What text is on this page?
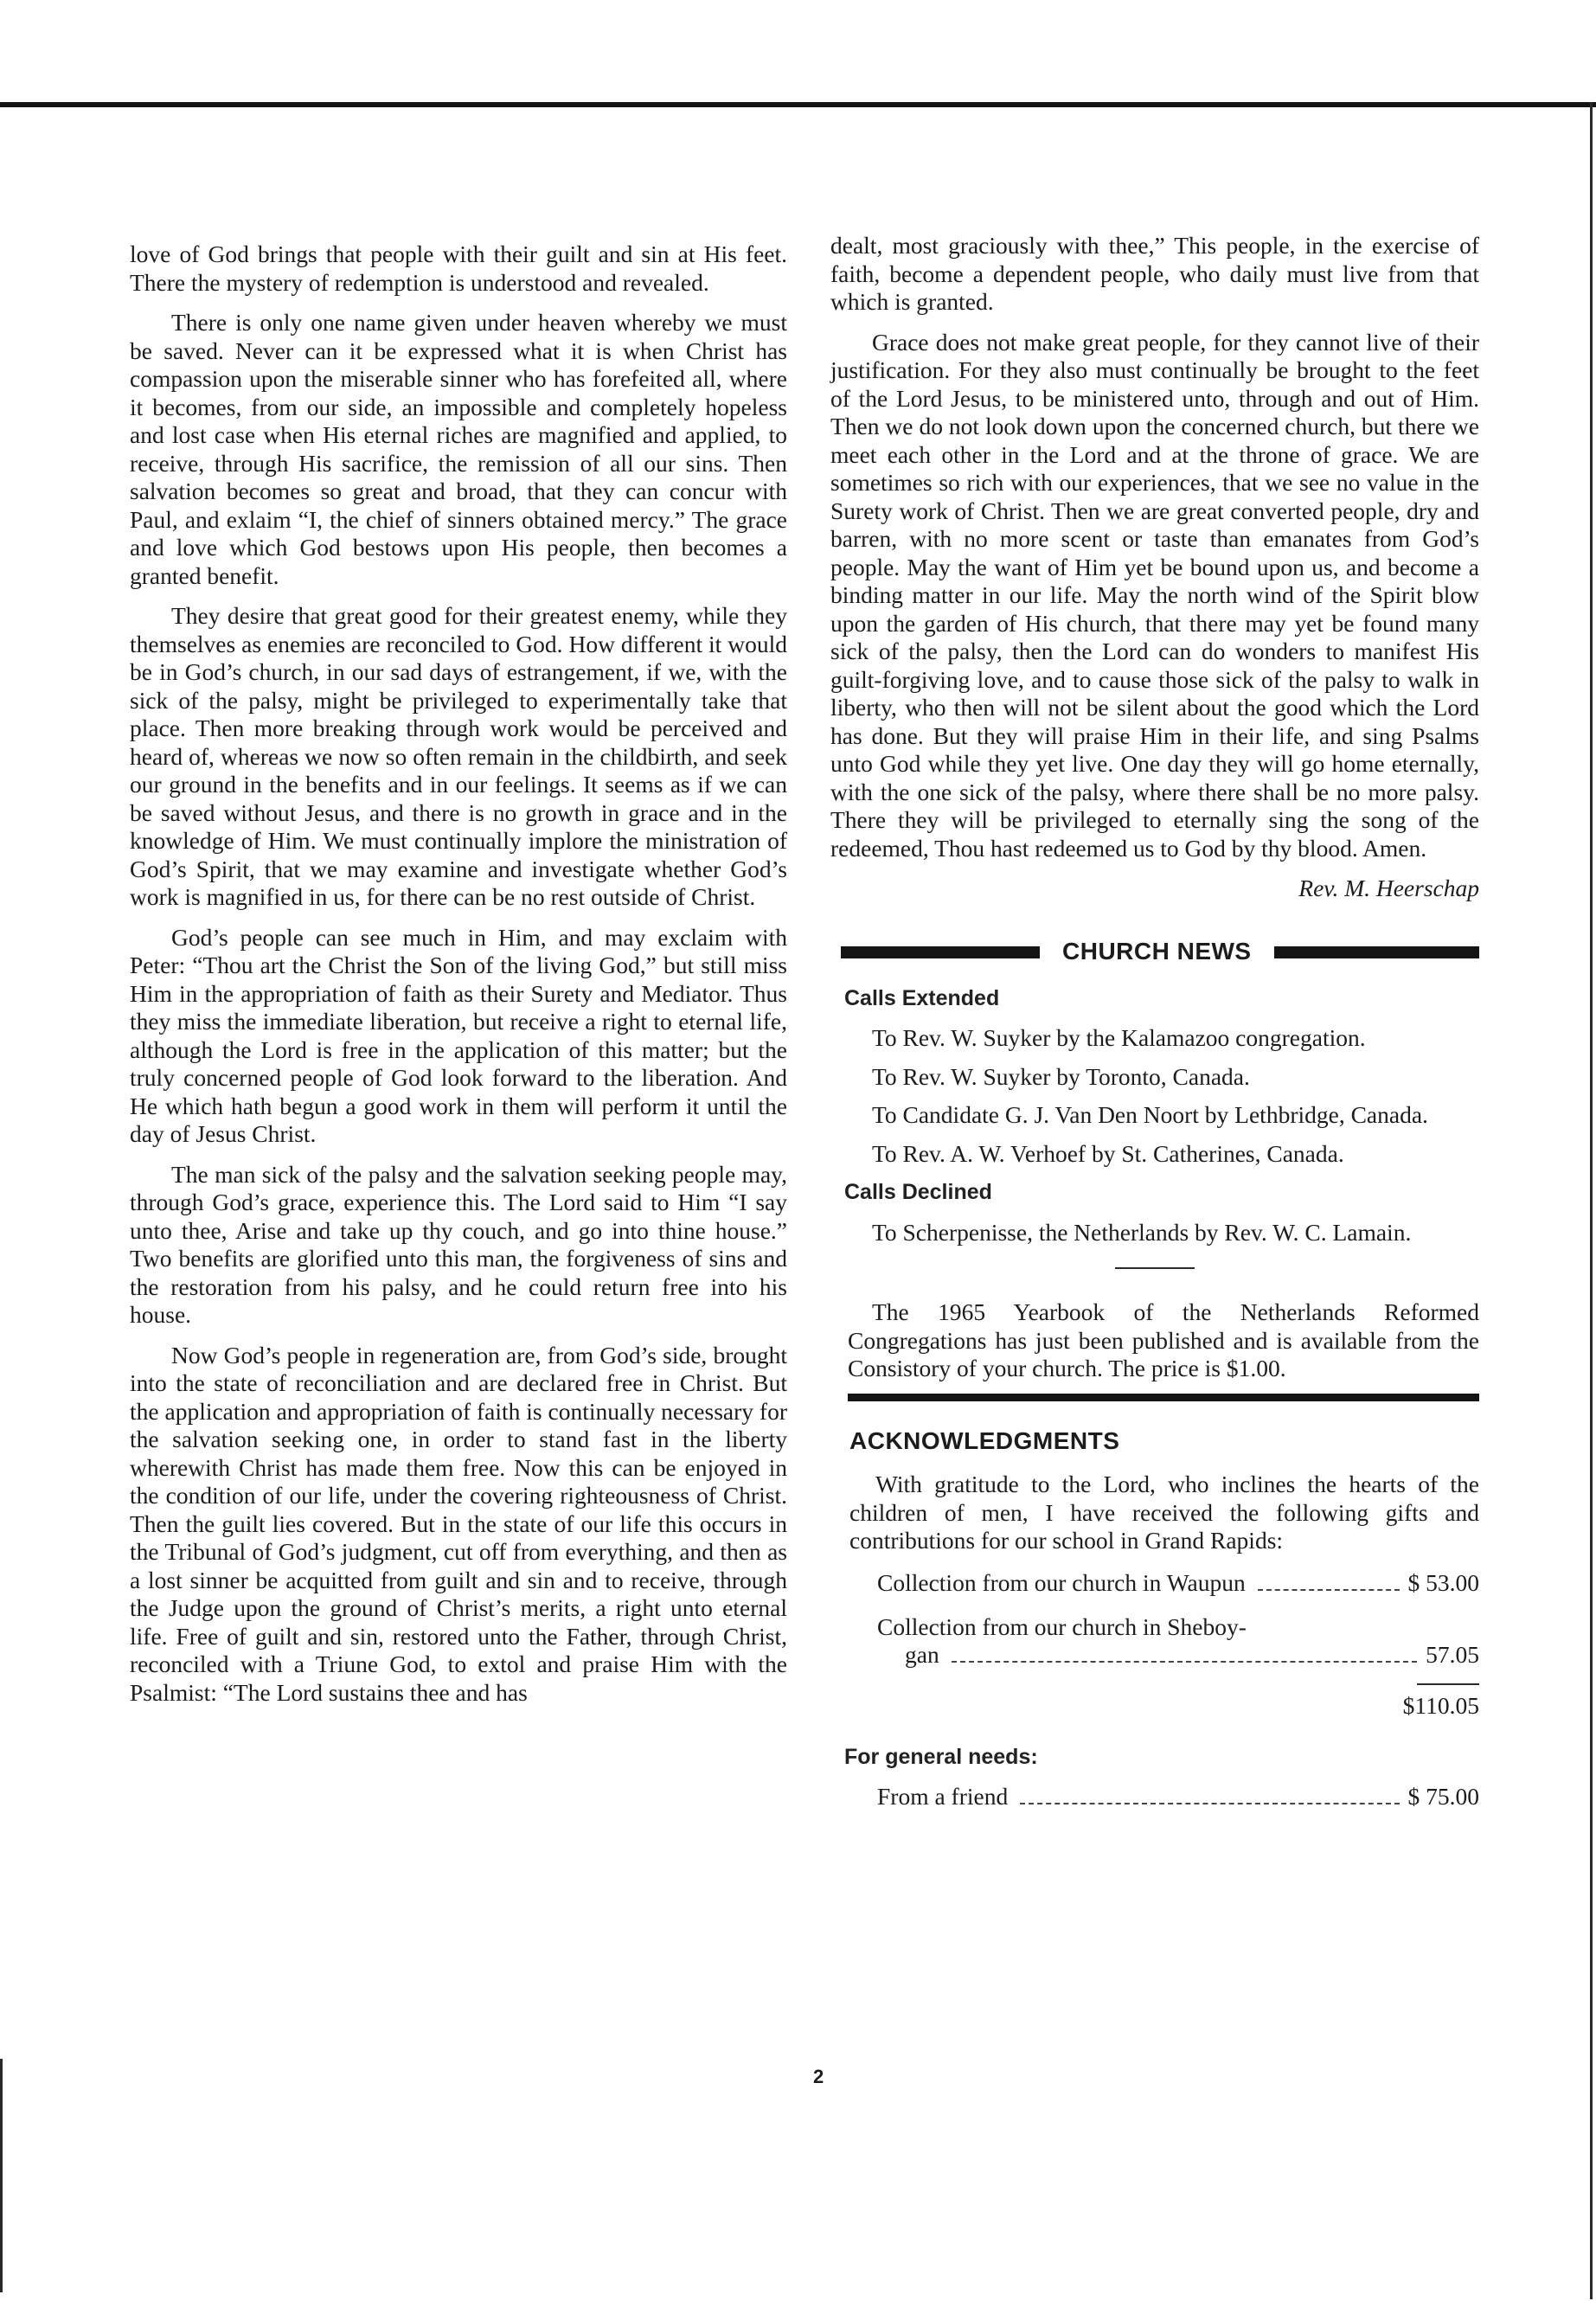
love of God brings that people with their guilt and sin at His feet. There the mystery of redemption is understood and revealed.

There is only one name given under heaven whereby we must be saved. Never can it be expressed what it is when Christ has compassion upon the miserable sinner who has forefeited all, where it becomes, from our side, an impossible and completely hopeless and lost case when His eternal riches are magnified and applied, to receive, through His sacrifice, the remission of all our sins. Then salvation becomes so great and broad, that they can concur with Paul, and exlaim “I, the chief of sinners obtained mercy.” The grace and love which God bestows upon His people, then becomes a granted benefit.

They desire that great good for their greatest enemy, while they themselves as enemies are reconciled to God. How different it would be in God’s church, in our sad days of estrangement, if we, with the sick of the palsy, might be privileged to experimentally take that place. Then more breaking through work would be perceived and heard of, whereas we now so often remain in the childbirth, and seek our ground in the benefits and in our feelings. It seems as if we can be saved without Jesus, and there is no growth in grace and in the knowledge of Him. We must continually implore the ministration of God’s Spirit, that we may examine and investigate whether God’s work is magnified in us, for there can be no rest outside of Christ.

God’s people can see much in Him, and may exclaim with Peter: “Thou art the Christ the Son of the living God,” but still miss Him in the appropriation of faith as their Surety and Mediator. Thus they miss the immediate liberation, but receive a right to eternal life, although the Lord is free in the application of this matter; but the truly concerned people of God look forward to the liberation. And He which hath begun a good work in them will perform it until the day of Jesus Christ.

The man sick of the palsy and the salvation seeking people may, through God’s grace, experience this. The Lord said to Him “I say unto thee, Arise and take up thy couch, and go into thine house.” Two benefits are glorified unto this man, the forgiveness of sins and the restoration from his palsy, and he could return free into his house.

Now God’s people in regeneration are, from God’s side, brought into the state of reconciliation and are declared free in Christ. But the application and appropriation of faith is continually necessary for the salvation seeking one, in order to stand fast in the liberty wherewith Christ has made them free. Now this can be enjoyed in the condition of our life, under the covering righteousness of Christ. Then the guilt lies covered. But in the state of our life this occurs in the Tribunal of God’s judgment, cut off from everything, and then as a lost sinner be acquitted from guilt and sin and to receive, through the Judge upon the ground of Christ’s merits, a right unto eternal life. Free of guilt and sin, restored unto the Father, through Christ, reconciled with a Triune God, to extol and praise Him with the Psalmist: “The Lord sustains thee and has

dealt, most graciously with thee,” This people, in the exercise of faith, become a dependent people, who daily must live from that which is granted.

Grace does not make great people, for they cannot live of their justification. For they also must continually be brought to the feet of the Lord Jesus, to be ministered unto, through and out of Him. Then we do not look down upon the concerned church, but there we meet each other in the Lord and at the throne of grace. We are sometimes so rich with our experiences, that we see no value in the Surety work of Christ. Then we are great converted people, dry and barren, with no more scent or taste than emanates from God’s people. May the want of Him yet be bound upon us, and become a binding matter in our life. May the north wind of the Spirit blow upon the garden of His church, that there may yet be found many sick of the palsy, then the Lord can do wonders to manifest His guilt-forgiving love, and to cause those sick of the palsy to walk in liberty, who then will not be silent about the good which the Lord has done. But they will praise Him in their life, and sing Psalms unto God while they yet live. One day they will go home eternally, with the one sick of the palsy, where there shall be no more palsy. There they will be privileged to eternally sing the song of the redeemed, Thou hast redeemed us to God by thy blood. Amen.

Rev. M. Heerschap
CHURCH NEWS
Calls Extended
To Rev. W. Suyker by the Kalamazoo congregation.
To Rev. W. Suyker by Toronto, Canada.
To Candidate G. J. Van Den Noort by Lethbridge, Canada.
To Rev. A. W. Verhoef by St. Catherines, Canada.
Calls Declined
To Scherpenisse, the Netherlands by Rev. W. C. Lamain.
The 1965 Yearbook of the Netherlands Reformed Congregations has just been published and is available from the Consistory of your church. The price is $1.00.
ACKNOWLEDGMENTS
With gratitude to the Lord, who inclines the hearts of the children of men, I have received the following gifts and contributions for our school in Grand Rapids:
Collection from our church in Waupun	$ 53.00
Collection from our church in Sheboy-
gan	57.05
$110.05
For general needs:
From a friend	$ 75.00
2
